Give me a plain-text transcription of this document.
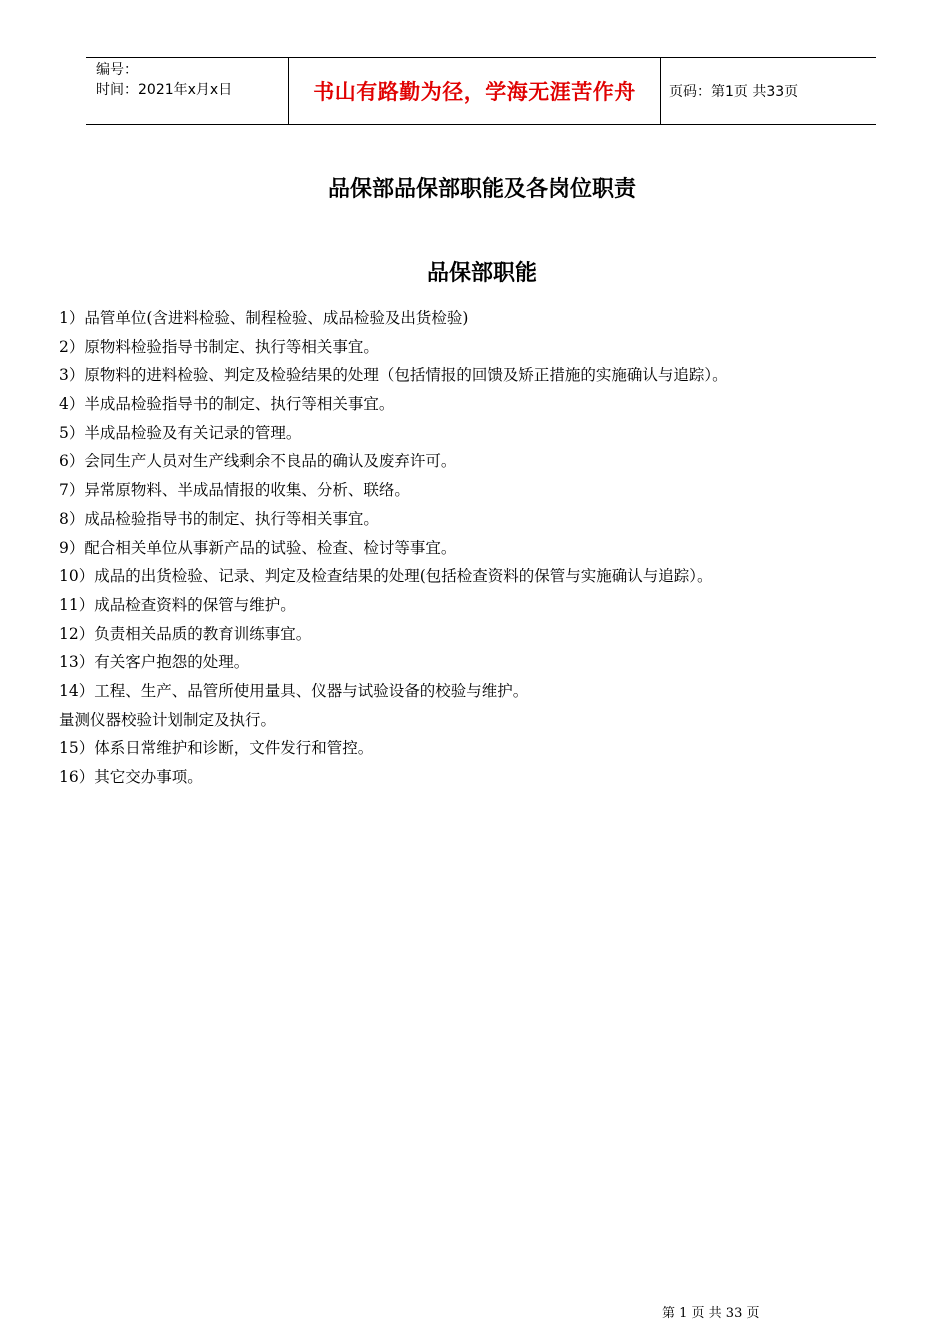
编号：
时间：2021年x月x日	书山有路勤为径，学海无涯苦作舟 页码：第1页 共33页
品保部品保部职能及各岗位职责
品保部职能
1）品管单位(含进料检验、制程检验、成品检验及出货检验)
2）原物料检验指导书制定、执行等相关事宜。
3）原物料的进料检验、判定及检验结果的处理（包括情报的回馈及矫正措施的实施确认与追踪）。
4）半成品检验指导书的制定、执行等相关事宜。
5）半成品检验及有关记录的管理。
6）会同生产人员对生产线剩余不良品的确认及废弃许可。
7）异常原物料、半成品情报的收集、分析、联络。
8）成品检验指导书的制定、执行等相关事宜。
9）配合相关单位从事新产品的试验、检查、检讨等事宜。
10）成品的出货检验、记录、判定及检查结果的处理(包括检查资料的保管与实施确认与追踪）。
11）成品检查资料的保管与维护。
12）负责相关品质的教育训练事宜。
13）有关客户抱怨的处理。
14）工程、生产、品管所使用量具、仪器与试验设备的校验与维护。
量测仪器校验计划制定及执行。
15）体系日常维护和诊断，文件发行和管控。
16）其它交办事项。
第 1 页 共 33 页
